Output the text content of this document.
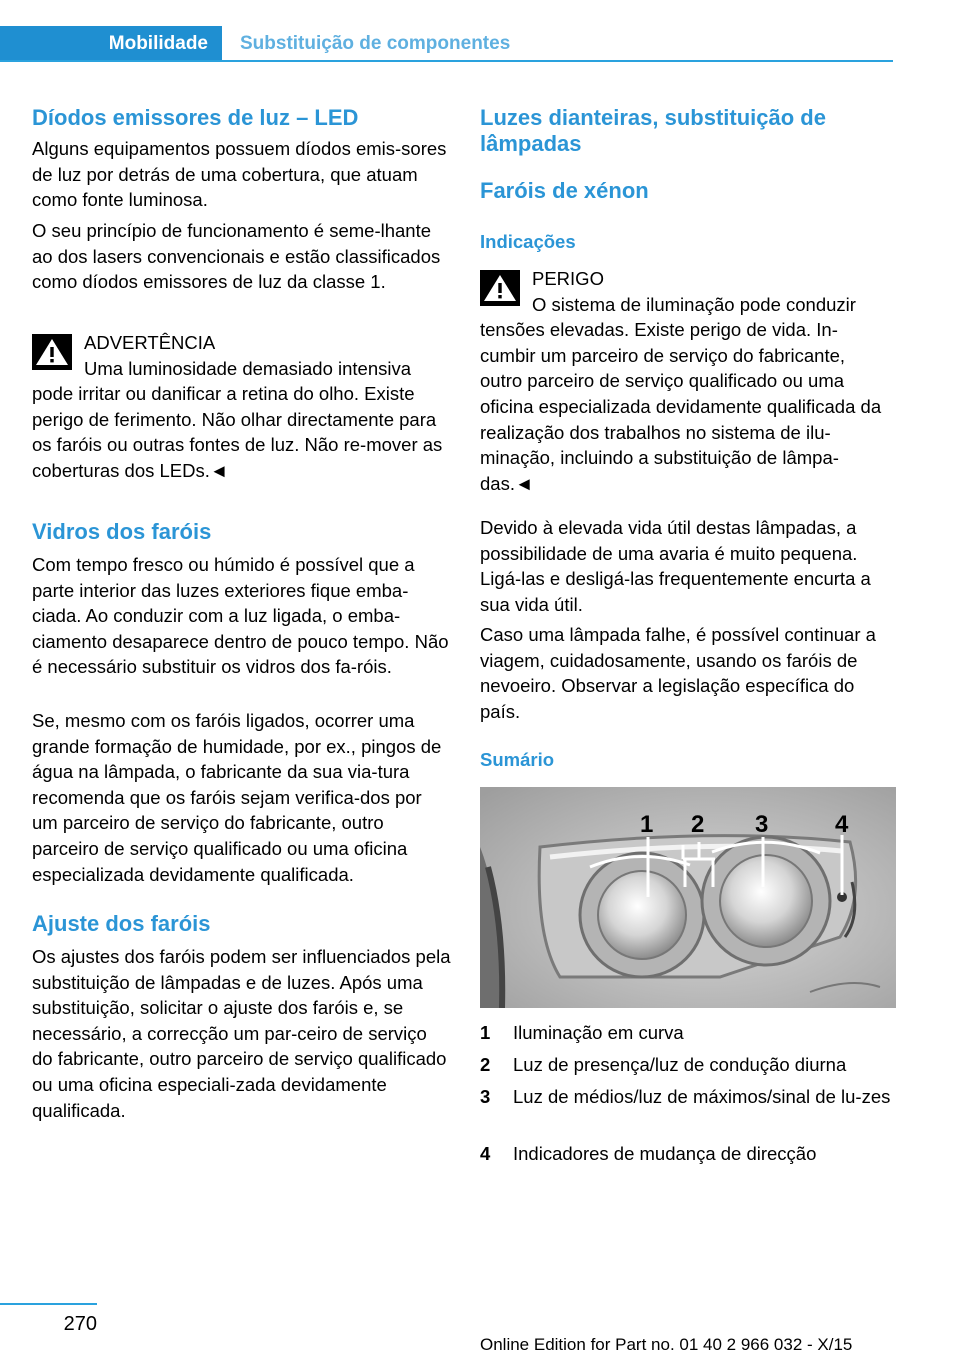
Mobilidade	Substituição de componentes
Díodos emissores de luz – LED

Alguns equipamentos possuem díodos emis-sores de luz por detrás de uma cobertura, que atuam como fonte luminosa.

O seu princípio de funcionamento é seme-lhante ao dos lasers convencionais e estão classificados como díodos emissores de luz da classe 1.

ADVERTÊNCIA
Uma luminosidade demasiado intensiva pode irritar ou danificar a retina do olho. Existe perigo de ferimento. Não olhar directamente para os faróis ou outras fontes de luz. Não re-mover as coberturas dos LEDs.◄
Vidros dos faróis

Com tempo fresco ou húmido é possível que a parte interior das luzes exteriores fique emba-ciada. Ao conduzir com a luz ligada, o emba-ciamento desaparece dentro de pouco tempo. Não é necessário substituir os vidros dos fa-róis.

Se, mesmo com os faróis ligados, ocorrer uma grande formação de humidade, por ex., pingos de água na lâmpada, o fabricante da sua via-tura recomenda que os faróis sejam verifica-dos por um parceiro de serviço do fabricante, outro parceiro de serviço qualificado ou uma oficina especializada devidamente qualificada.

Ajuste dos faróis

Os ajustes dos faróis podem ser influenciados pela substituição de lâmpadas e de luzes. Após uma substituição, solicitar o ajuste dos faróis e, se necessário, a correcção um par-ceiro de serviço do fabricante, outro parceiro de serviço qualificado ou uma oficina especiali-zada devidamente qualificada.

Luzes dianteiras, substituição de lâmpadas
Faróis de xénon
Indicações
PERIGO
O sistema de iluminação pode conduzir tensões elevadas. Existe perigo de vida. In-cumbir um parceiro de serviço do fabricante, outro parceiro de serviço qualificado ou uma oficina especializada devidamente qualificada da realização dos trabalhos no sistema de ilu-minação, incluindo a substituição de lâmpa-das.◄

Devido à elevada vida útil destas lâmpadas, a possibilidade de uma avaria é muito pequena. Ligá-las e desligá-las frequentemente encurta a sua vida útil.

Caso uma lâmpada falhe, é possível continuar a viagem, cuidadosamente, usando os faróis de nevoeiro. Observar a legislação específica do país.

Sumário
1 2 3	4
1 Iluminação em curva
2 Luz de presença/luz de condução diurna
3 Luz de médios/luz de máximos/sinal de lu-zes
4 Indicadores de mudança de direcção
270
Online Edition for Part no. 01 40 2 966 032 - X/15
